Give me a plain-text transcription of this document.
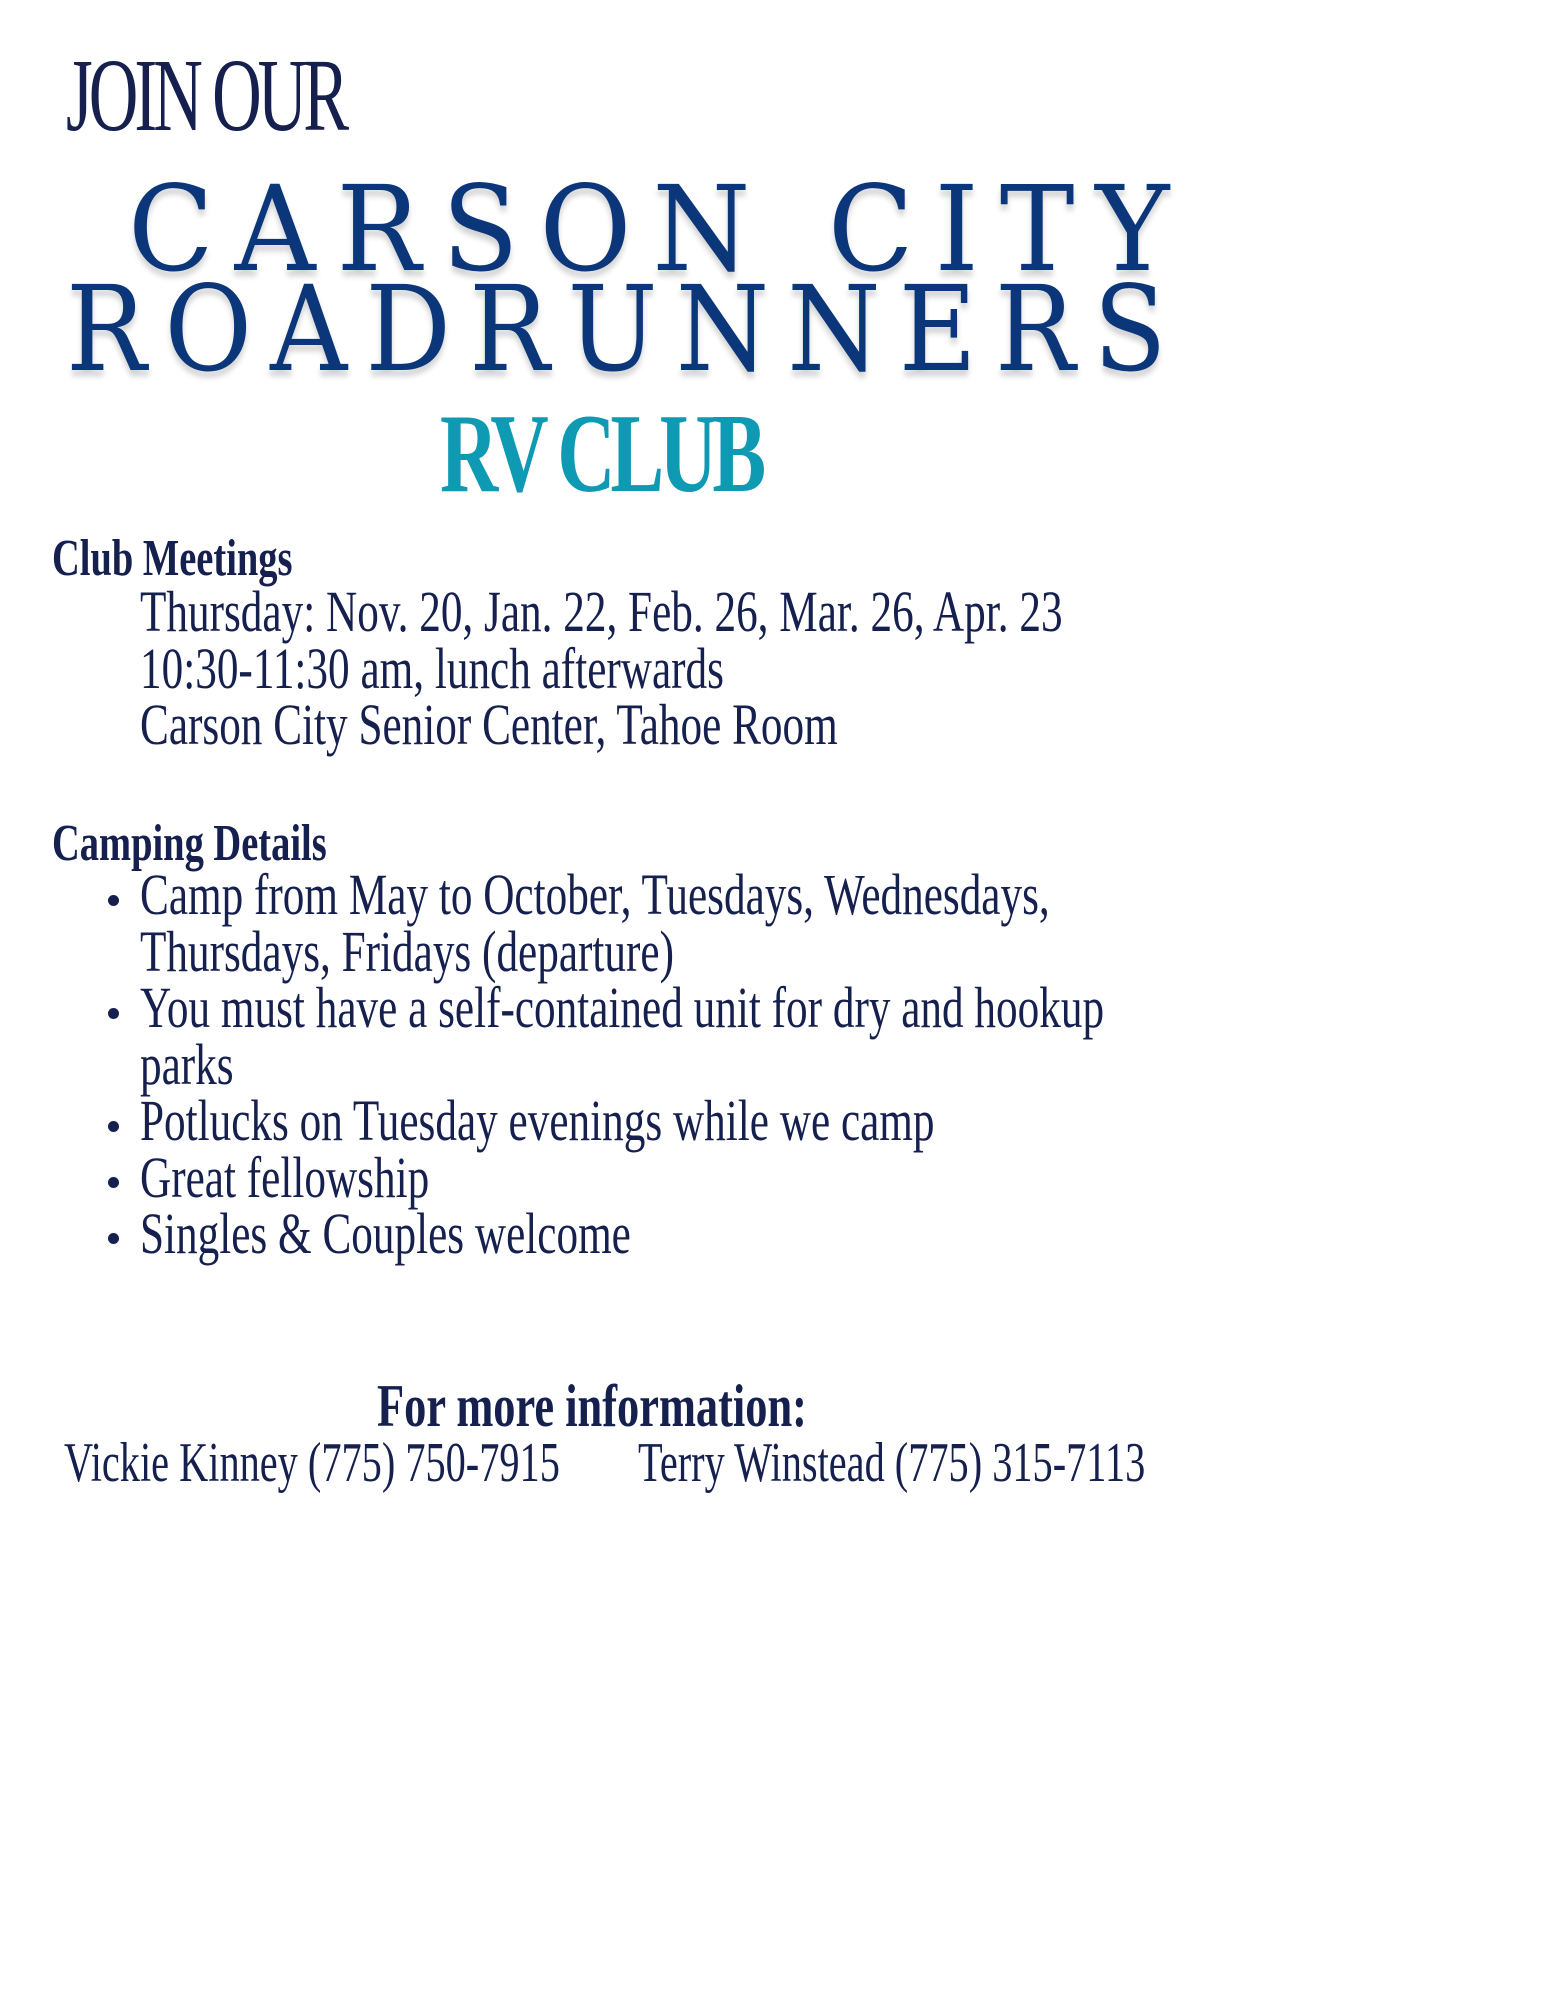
JOIN OUR
CARSON CITY
ROADRUNNERS
RV CLUB
Club Meetings
Thursday: Nov. 20, Jan. 22, Feb. 26, Mar. 26, Apr. 23
10:30-11:30 am, lunch afterwards
Carson City Senior Center, Tahoe Room
Camping Details
Camp from May to October, Tuesdays, Wednesdays,
Thursdays, Fridays (departure)
You must have a self-contained unit for dry and hookup
parks
Potlucks on Tuesday evenings while we camp
Great fellowship
Singles & Couples welcome
For more information:
Vickie Kinney (775) 750-7915 Terry Winstead (775) 315-7113
